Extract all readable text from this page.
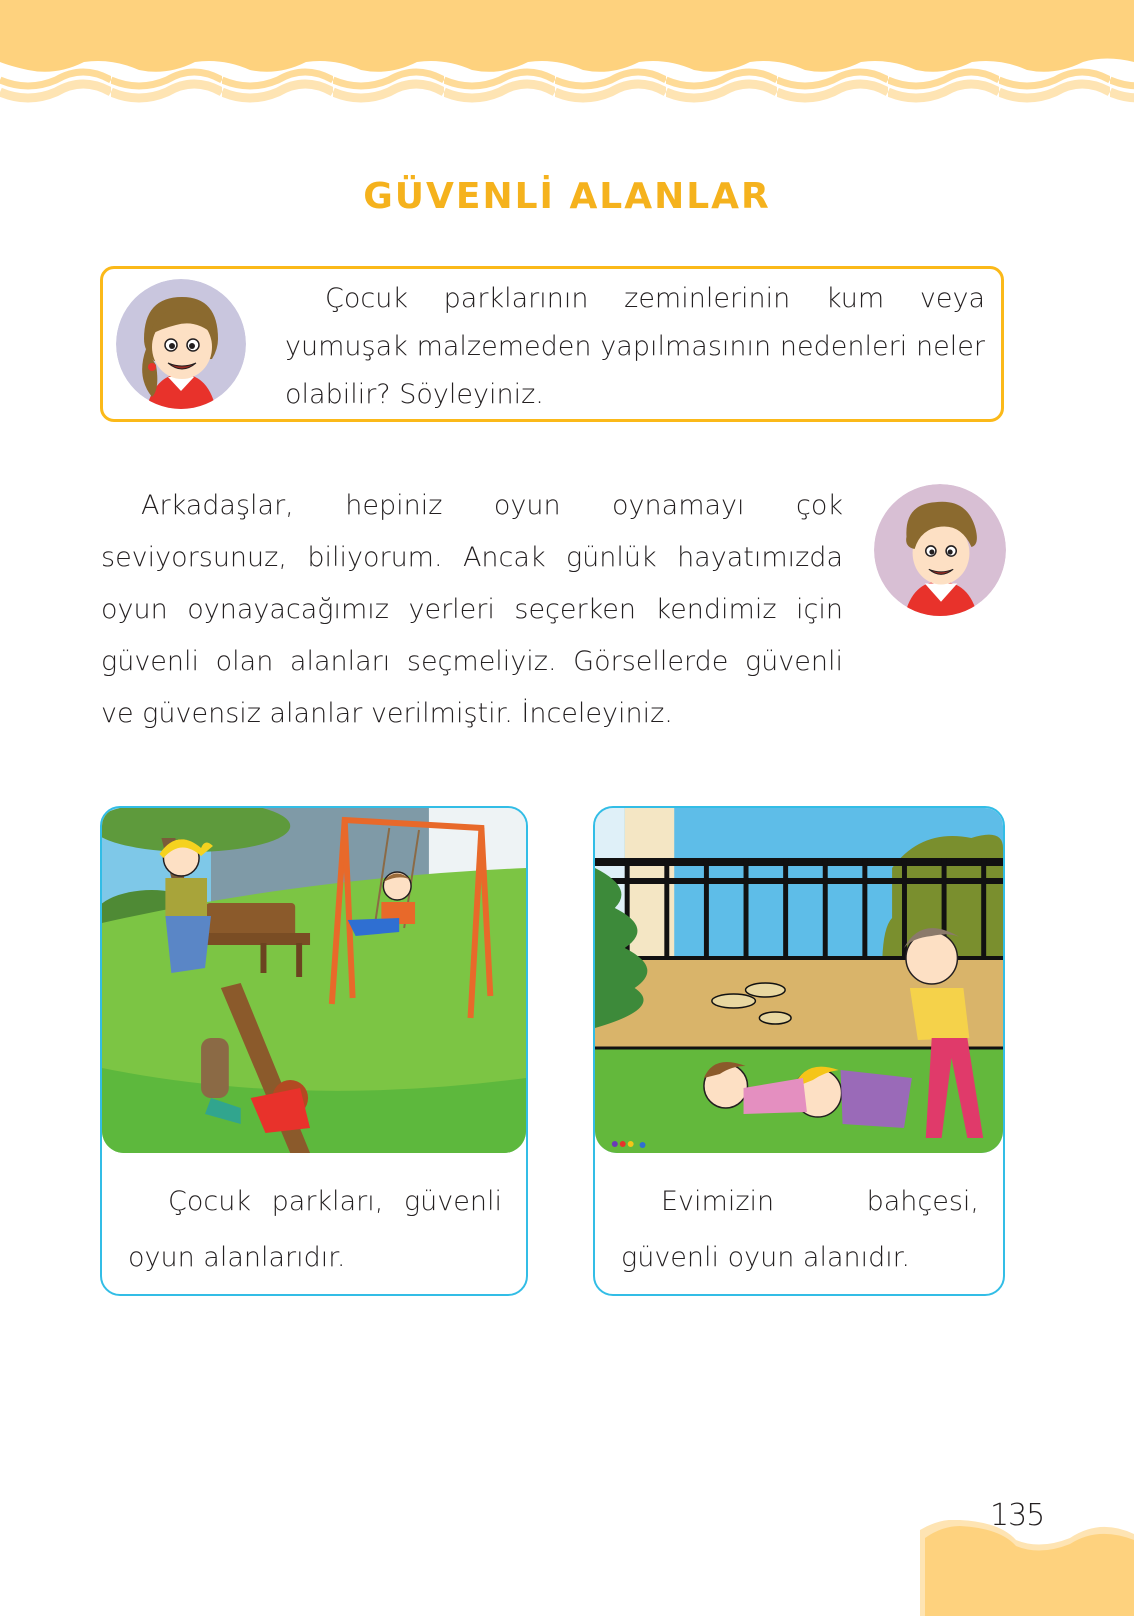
GÜVENLİ ALANLAR
Çocuk parklarının zeminlerinin kum veya yumuşak malzemeden yapılmasının nedenleri neler olabilir? Söyleyiniz.
Arkadaşlar, hepiniz oyun oynamayı çok seviyorsunuz, biliyorum. Ancak günlük hayatımızda oyun oynayacağımız yerleri seçerken kendimiz için güvenli olan alanları seçmeliyiz. Görsellerde güvenli ve güvensiz alanlar verilmiştir. İnceleyiniz.
Çocuk parkları, güvenli oyun alanlarıdır.
Evimizin bahçesi, güvenli oyun alanıdır.
135
